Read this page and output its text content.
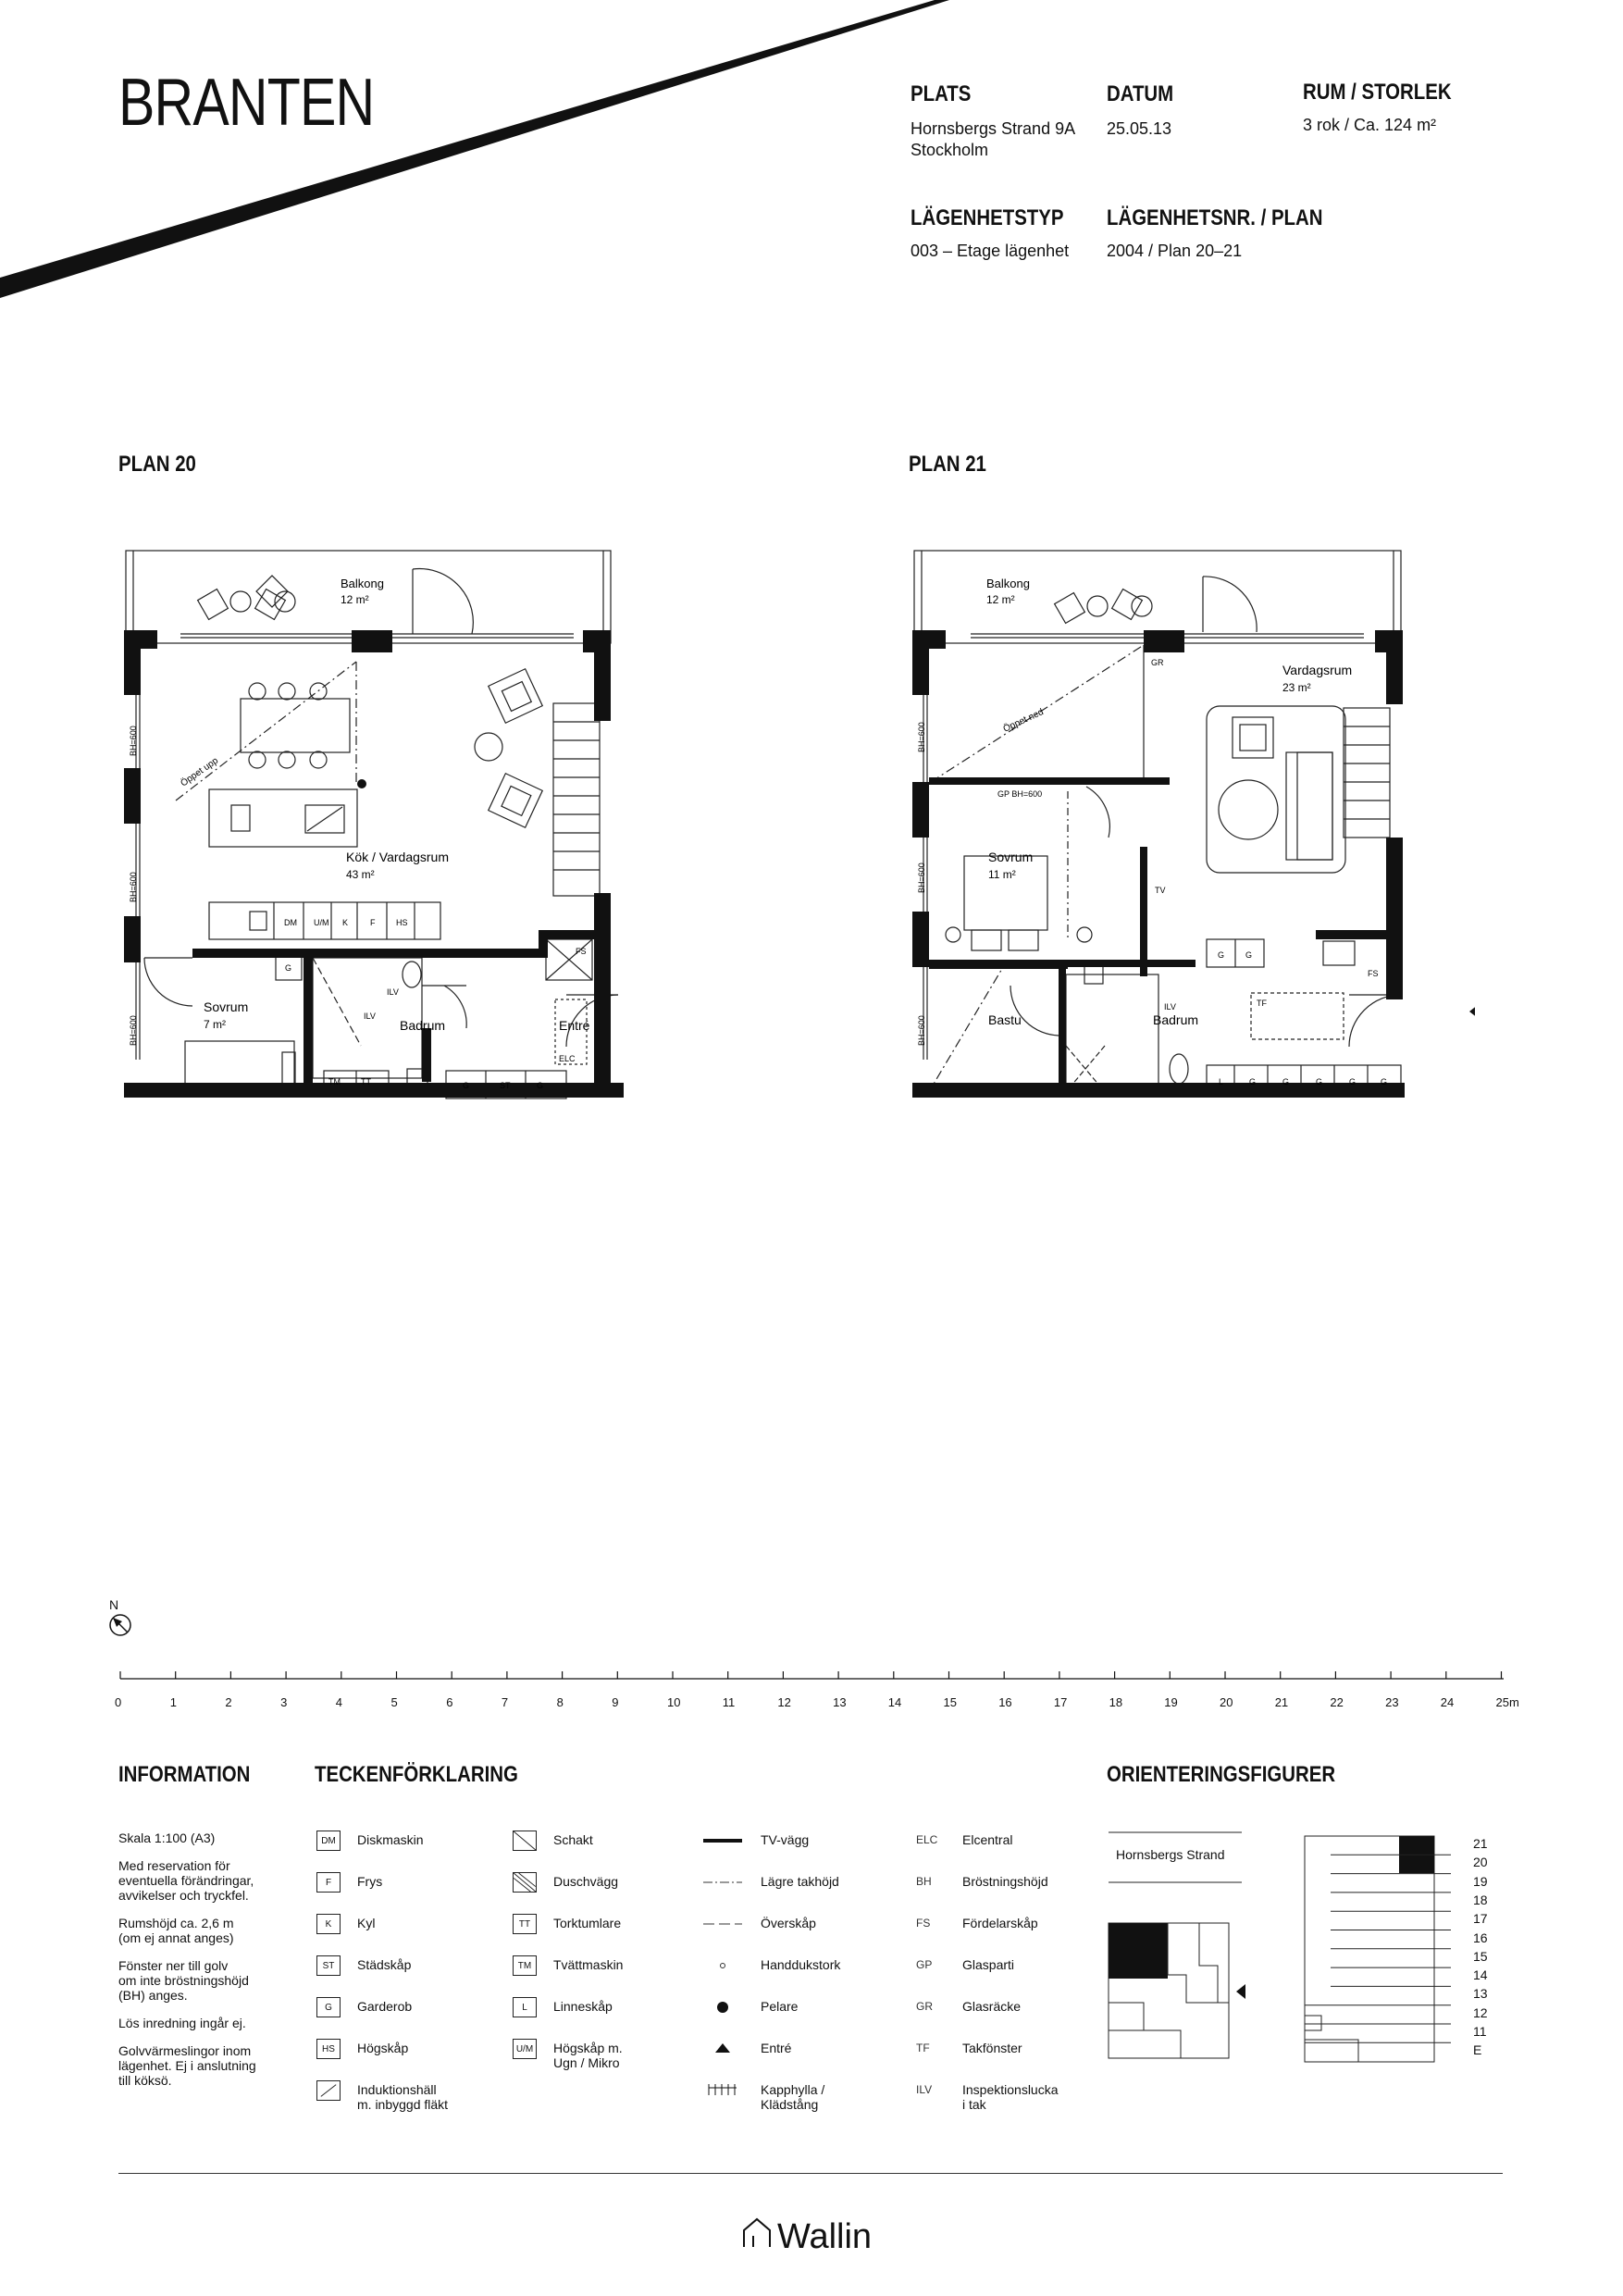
BRANTEN	PLATS
Hornsbergs Strand 9A
Stockholm
DATUM
25.05.13
RUM / STORLEK
3 rok / Ca. 124 m²
LÄGENHETSTYP
003 – Etage lägenhet
LÄGENHETSNR. / PLAN
2004 / Plan 20–21
PLAN 20	PLAN 21
Balkong
12 m²
Kök / Vardagsrum
43 m²
Sovrum
7 m²	Badrum	Entré
Öppet upp
BH=600
BH=600
BH=600
DM U/M K	F	HS
G
ILV
ILV
TM TT	G	ST	G
FS
ELC
Balkong
12 m²
Vardagsrum
23 m²
Sovrum
11 m²
Bastu	Badrum
Öppet ned
GR
GP BH=600
TV
TF
FS
ILV
G	G
L	G	G	G	G	G
BH=600
BH=600
BH=600
N
0	1	2	3	4	5	6	7	8	9	10	11	12	13	14	15	16	17	18	19	20	21	22	23	24	25m
INFORMATION

Skala 1:100 (A3)

Med reservation för
eventuella förändringar,
avvikelser och tryckfel.

Rumshöjd ca. 2,6 m
(om ej annat anges)

Fönster ner till golv
om inte bröstningshöjd
(BH) anges.

Lös inredning ingår ej.

Golvvärmeslingor inom
lägenhet. Ej i anslutning
till köksö.

TECKENFÖRKLARING
DM	Diskmaskin
F	Frys
K	Kyl
ST	Städskåp
G	Garderob
HS	Högskåp
Induktionshäll
m. inbyggd fläkt
Schakt
Duschvägg
TT	Torktumlare
TM	Tvättmaskin
L	Linneskåp
U/M Högskåp m.
Ugn / Mikro
TV-vägg
Lägre takhöjd
Överskåp
Handdukstork
Pelare
Entré
Kapphylla /
Klädstång
ELC	Elcentral
BH	Bröstningshöjd
FS	Fördelarskåp
GP	Glasparti
GR	Glasräcke
TF	Takfönster
ILV	Inspektionslucka
i tak
ORIENTERINGSFIGURER
Hornsbergs Strand
21
20
19
18
17
16
15
14
13
12
11
E
Wallin
